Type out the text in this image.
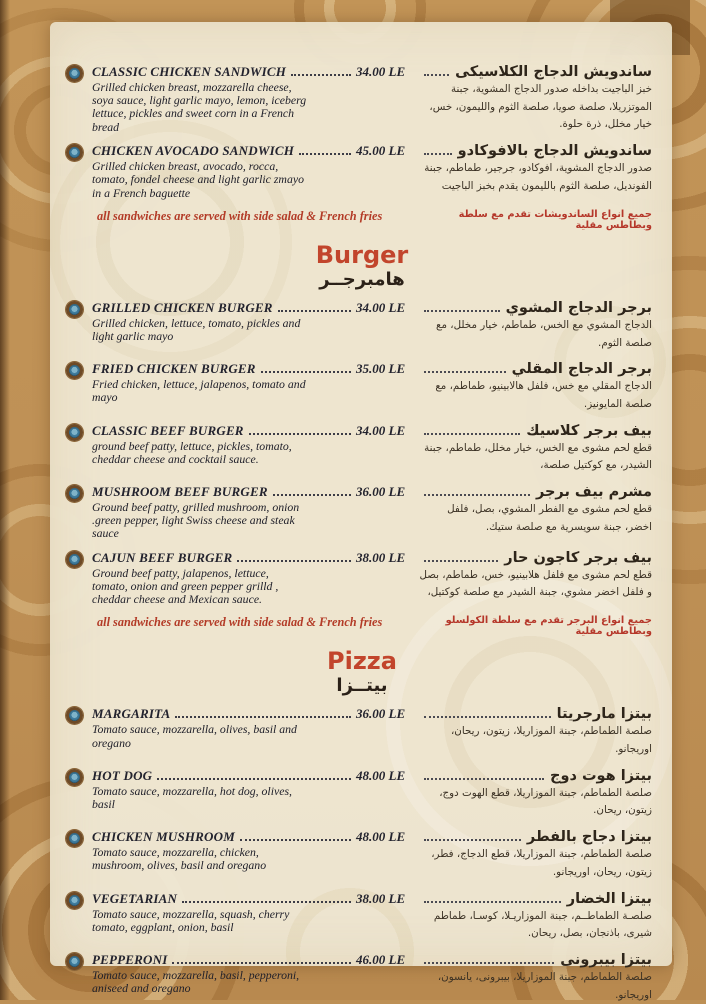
CLASSIC CHICKEN SANDWICH	34.00 LE
Grilled chicken breast, mozzarella cheese, soya sauce, light garlic mayo, lemon, iceberg lettuce, pickles and sweet corn in a French bread
ساندويش الدجاج الكلاسيكى
خبز الباجيت بداخله صدور الدجاج المشوية، جبنة الموتزريلا، صلصة صويا، صلصة الثوم والليمون، خس، خيار مخلل، ذرة حلوة.
CHICKEN AVOCADO SANDWICH	45.00 LE
Grilled chicken breast, avocado, rocca, tomato, fondel cheese and light garlic zmayo in a French baguette
ساندويش الدجاج بالافوكادو
صدور الدجاج المشوية، افوكادو، جرجير، طماطم، جبنة الفونديل، صلصة الثوم بالليمون يقدم بخبز الباجيت
all sandwiches are served with side salad & French fries	جميع انواع الساندويشات تقدم مع سلطة وبطاطس مقلية
Burger
هامبرجــر
GRILLED CHICKEN BURGER	34.00 LE
Grilled chicken, lettuce, tomato, pickles and light garlic mayo
برجر الدجاج المشوي
الدجاج المشوي مع الخس، طماطم، خيار مخلل، مع صلصة الثوم.
FRIED CHICKEN BURGER	35.00 LE
Fried chicken, lettuce, jalapenos, tomato and mayo
برجر الدجاج المقلي
الدجاج المقلي مع خس، فلفل هالابينيو، طماطم، مع صلصة المايونيز.
CLASSIC BEEF BURGER	34.00 LE
ground beef patty, lettuce, pickles, tomato, cheddar cheese and cocktail sauce.
بيف برجر كلاسيك
قطع لحم مشوى مع الخس، خيار مخلل، طماطم، جبنة الشيدر، مع كوكتيل صلصة،
MUSHROOM BEEF BURGER	36.00 LE
Ground beef patty, grilled mushroom, onion .green pepper, light Swiss cheese and steak sauce
مشرم بيف برجر
قطع لحم مشوى مع الفطر المشوي، بصل، فلفل اخضر، جبنة سويسرية مع صلصة ستيك.
CAJUN BEEF BURGER	38.00 LE
Ground beef patty, jalapenos, lettuce, tomato, onion and green pepper grilld , cheddar cheese and Mexican sauce.
بيف برجر كاجون حار
قطع لحم مشوى مع فلفل هلابينيو، خس، طماطم، بصل و فلفل اخضر مشوي، جبنة الشيدر مع صلصة كوكتيل،
all sandwiches are served with side salad & French fries	جميع انواع البرجر تقدم مع سلطة الكولسلو وبطاطس مقلية
Pizza
بيتــزا
MARGARITA	36.00 LE
Tomato sauce, mozzarella, olives, basil and oregano
بيتزا مارجريتا
صلصة الطماطم، جبنة الموزاريلا، زيتون، ريحان، اوريجانو.
HOT DOG	48.00 LE
Tomato sauce, mozzarella, hot dog, olives, basil
بيتزا هوت دوج
صلصة الطماطم، جبنة الموزاريلا، قطع الهوت دوج، زيتون، ريحان.
CHICKEN MUSHROOM	48.00 LE
Tomato sauce, mozzarella, chicken, mushroom, olives, basil and oregano
بيتزا دجاج بالفطر
صلصة الطماطم، جبنة الموزاريلا، قطع الدجاج، فطر، زيتون، ريحان، اوريجانو.
VEGETARIAN	38.00 LE
Tomato sauce, mozzarella, squash, cherry tomato, eggplant, onion, basil
بيتزا الخضار
صلصـة الطماطــم، جبنة الموزاريـلا، كوسـا، طماطم شيرى، باذنجان، بصل، ريحان.
PEPPERONI	46.00 LE
Tomato sauce, mozzarella, basil, pepperoni, aniseed and oregano
بيتزا بيبرونى
صلصة الطماطم، جبنة الموزاريلا، بيبرونى، يانسون، اوريجانو.
